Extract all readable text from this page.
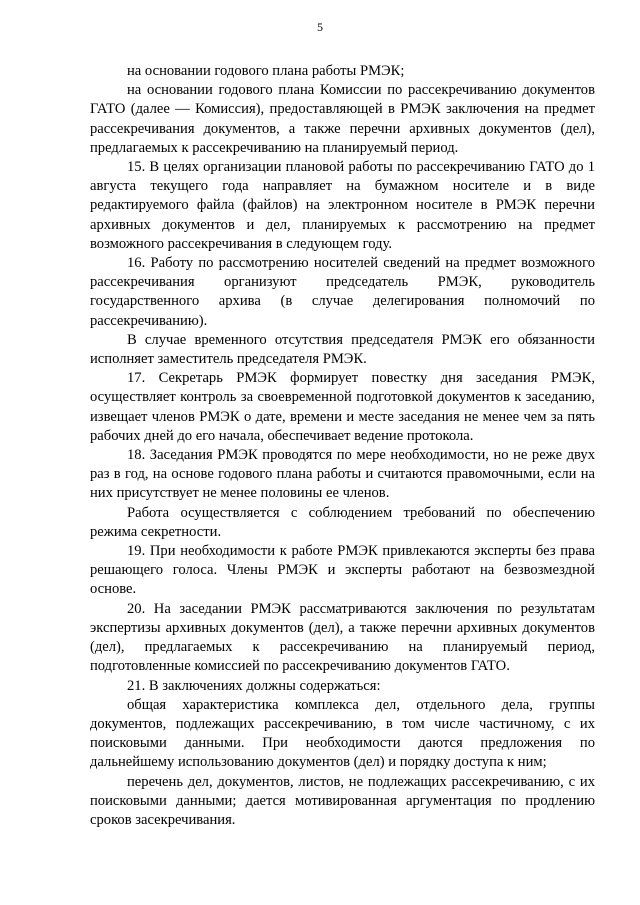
5

на основании годового плана работы РМЭК;

на основании годового плана Комиссии по рассекречиванию документов ГАТО (далее — Комиссия), предоставляющей в РМЭК заключения на предмет рассекречивания документов, а также перечни архивных документов (дел), предлагаемых к рассекречиванию на планируемый период.

15. В целях организации плановой работы по рассекречиванию ГАТО до 1 августа текущего года направляет на бумажном носителе и в виде редактируемого файла (файлов) на электронном носителе в РМЭК перечни архивных документов и дел, планируемых к рассмотрению на предмет возможного рассекречивания в следующем году.

16. Работу по рассмотрению носителей сведений на предмет возможного рассекречивания организуют председатель РМЭК, руководитель государственного архива (в случае делегирования полномочий по рассекречиванию).

В случае временного отсутствия председателя РМЭК его обязанности исполняет заместитель председателя РМЭК.

17. Секретарь РМЭК формирует повестку дня заседания РМЭК, осуществляет контроль за своевременной подготовкой документов к заседанию, извещает членов РМЭК о дате, времени и месте заседания не менее чем за пять рабочих дней до его начала, обеспечивает ведение протокола.

18. Заседания РМЭК проводятся по мере необходимости, но не реже двух раз в год, на основе годового плана работы и считаются правомочными, если на них присутствует не менее половины ее членов.

Работа осуществляется с соблюдением требований по обеспечению режима секретности.

19. При необходимости к работе РМЭК привлекаются эксперты без права решающего голоса. Члены РМЭК и эксперты работают на безвозмездной основе.

20. На заседании РМЭК рассматриваются заключения по результатам экспертизы архивных документов (дел), а также перечни архивных документов (дел), предлагаемых к рассекречиванию на планируемый период, подготовленные комиссией по рассекречиванию документов ГАТО.

21. В заключениях должны содержаться:

общая характеристика комплекса дел, отдельного дела, группы документов, подлежащих рассекречиванию, в том числе частичному, с их поисковыми данными. При необходимости даются предложения по дальнейшему использованию документов (дел) и порядку доступа к ним;

перечень дел, документов, листов, не подлежащих рассекречиванию, с их поисковыми данными; дается мотивированная аргументация по продлению сроков засекречивания.
